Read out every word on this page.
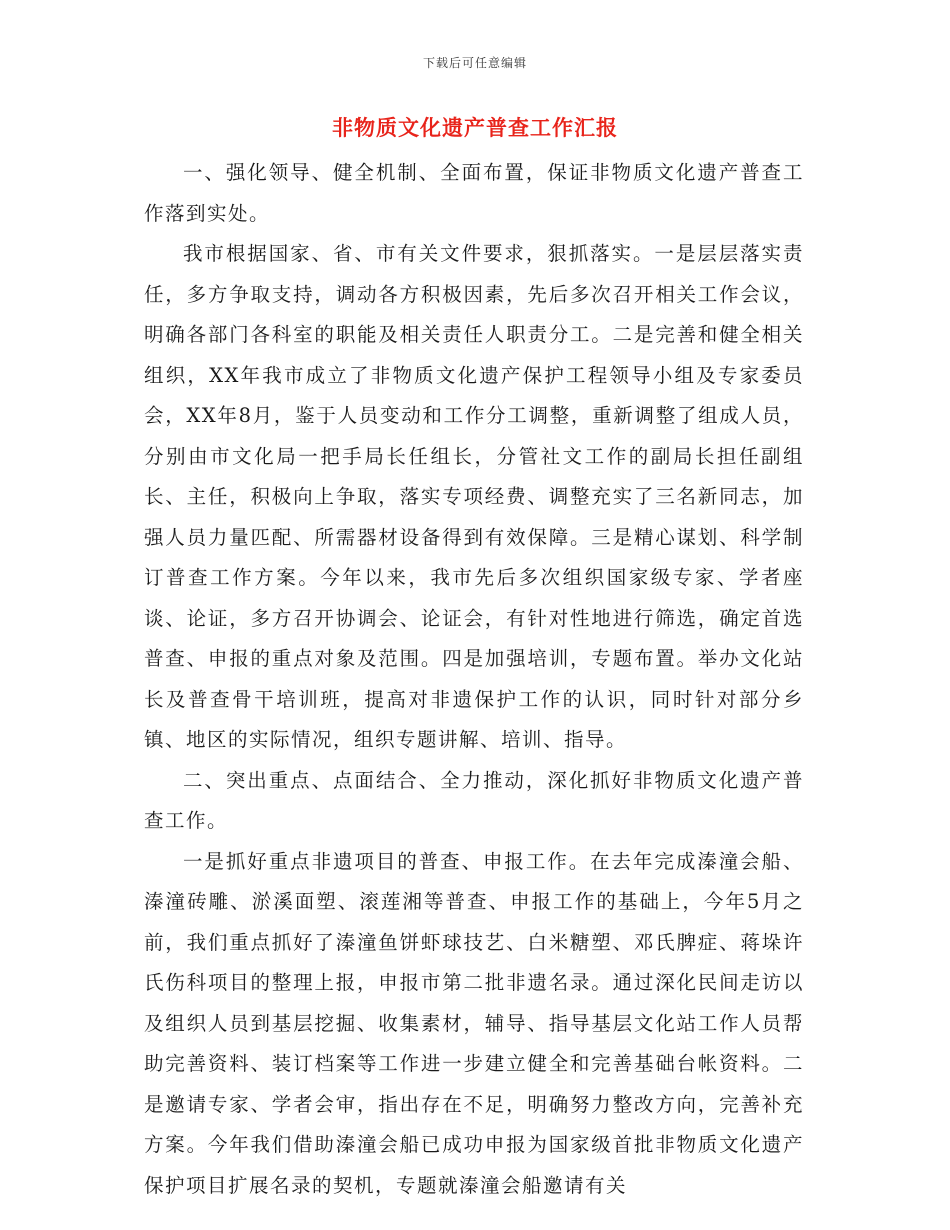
下载后可任意编辑
非物质文化遗产普查工作汇报

一、强化领导、健全机制、全面布置，保证非物质文化遗产普查工作落到实处。

我市根据国家、省、市有关文件要求，狠抓落实。一是层层落实责任，多方争取支持，调动各方积极因素，先后多次召开相关工作会议，明确各部门各科室的职能及相关责任人职责分工。二是完善和健全相关组织，XX年我市成立了非物质文化遗产保护工程领导小组及专家委员会，XX年8月，鉴于人员变动和工作分工调整，重新调整了组成人员，分别由市文化局一把手局长任组长，分管社文工作的副局长担任副组长、主任，积极向上争取，落实专项经费、调整充实了三名新同志，加强人员力量匹配、所需器材设备得到有效保障。三是精心谋划、科学制订普查工作方案。今年以来，我市先后多次组织国家级专家、学者座谈、论证，多方召开协调会、论证会，有针对性地进行筛选，确定首选普查、申报的重点对象及范围。四是加强培训，专题布置。举办文化站长及普查骨干培训班，提高对非遗保护工作的认识，同时针对部分乡镇、地区的实际情况，组织专题讲解、培训、指导。

二、突出重点、点面结合、全力推动，深化抓好非物质文化遗产普查工作。

一是抓好重点非遗项目的普查、申报工作。在去年完成溱潼会船、溱潼砖雕、淤溪面塑、滚莲湘等普查、申报工作的基础上，今年5月之前，我们重点抓好了溱潼鱼饼虾球技艺、白米糖塑、邓氏脾症、蒋垛许氏伤科项目的整理上报，申报市第二批非遗名录。通过深化民间走访以及组织人员到基层挖掘、收集素材，辅导、指导基层文化站工作人员帮助完善资料、装订档案等工作进一步建立健全和完善基础台帐资料。二是邀请专家、学者会审，指出存在不足，明确努力整改方向，完善补充方案。今年我们借助溱潼会船已成功申报为国家级首批非物质文化遗产保护项目扩展名录的契机，专题就溱潼会船邀请有关
